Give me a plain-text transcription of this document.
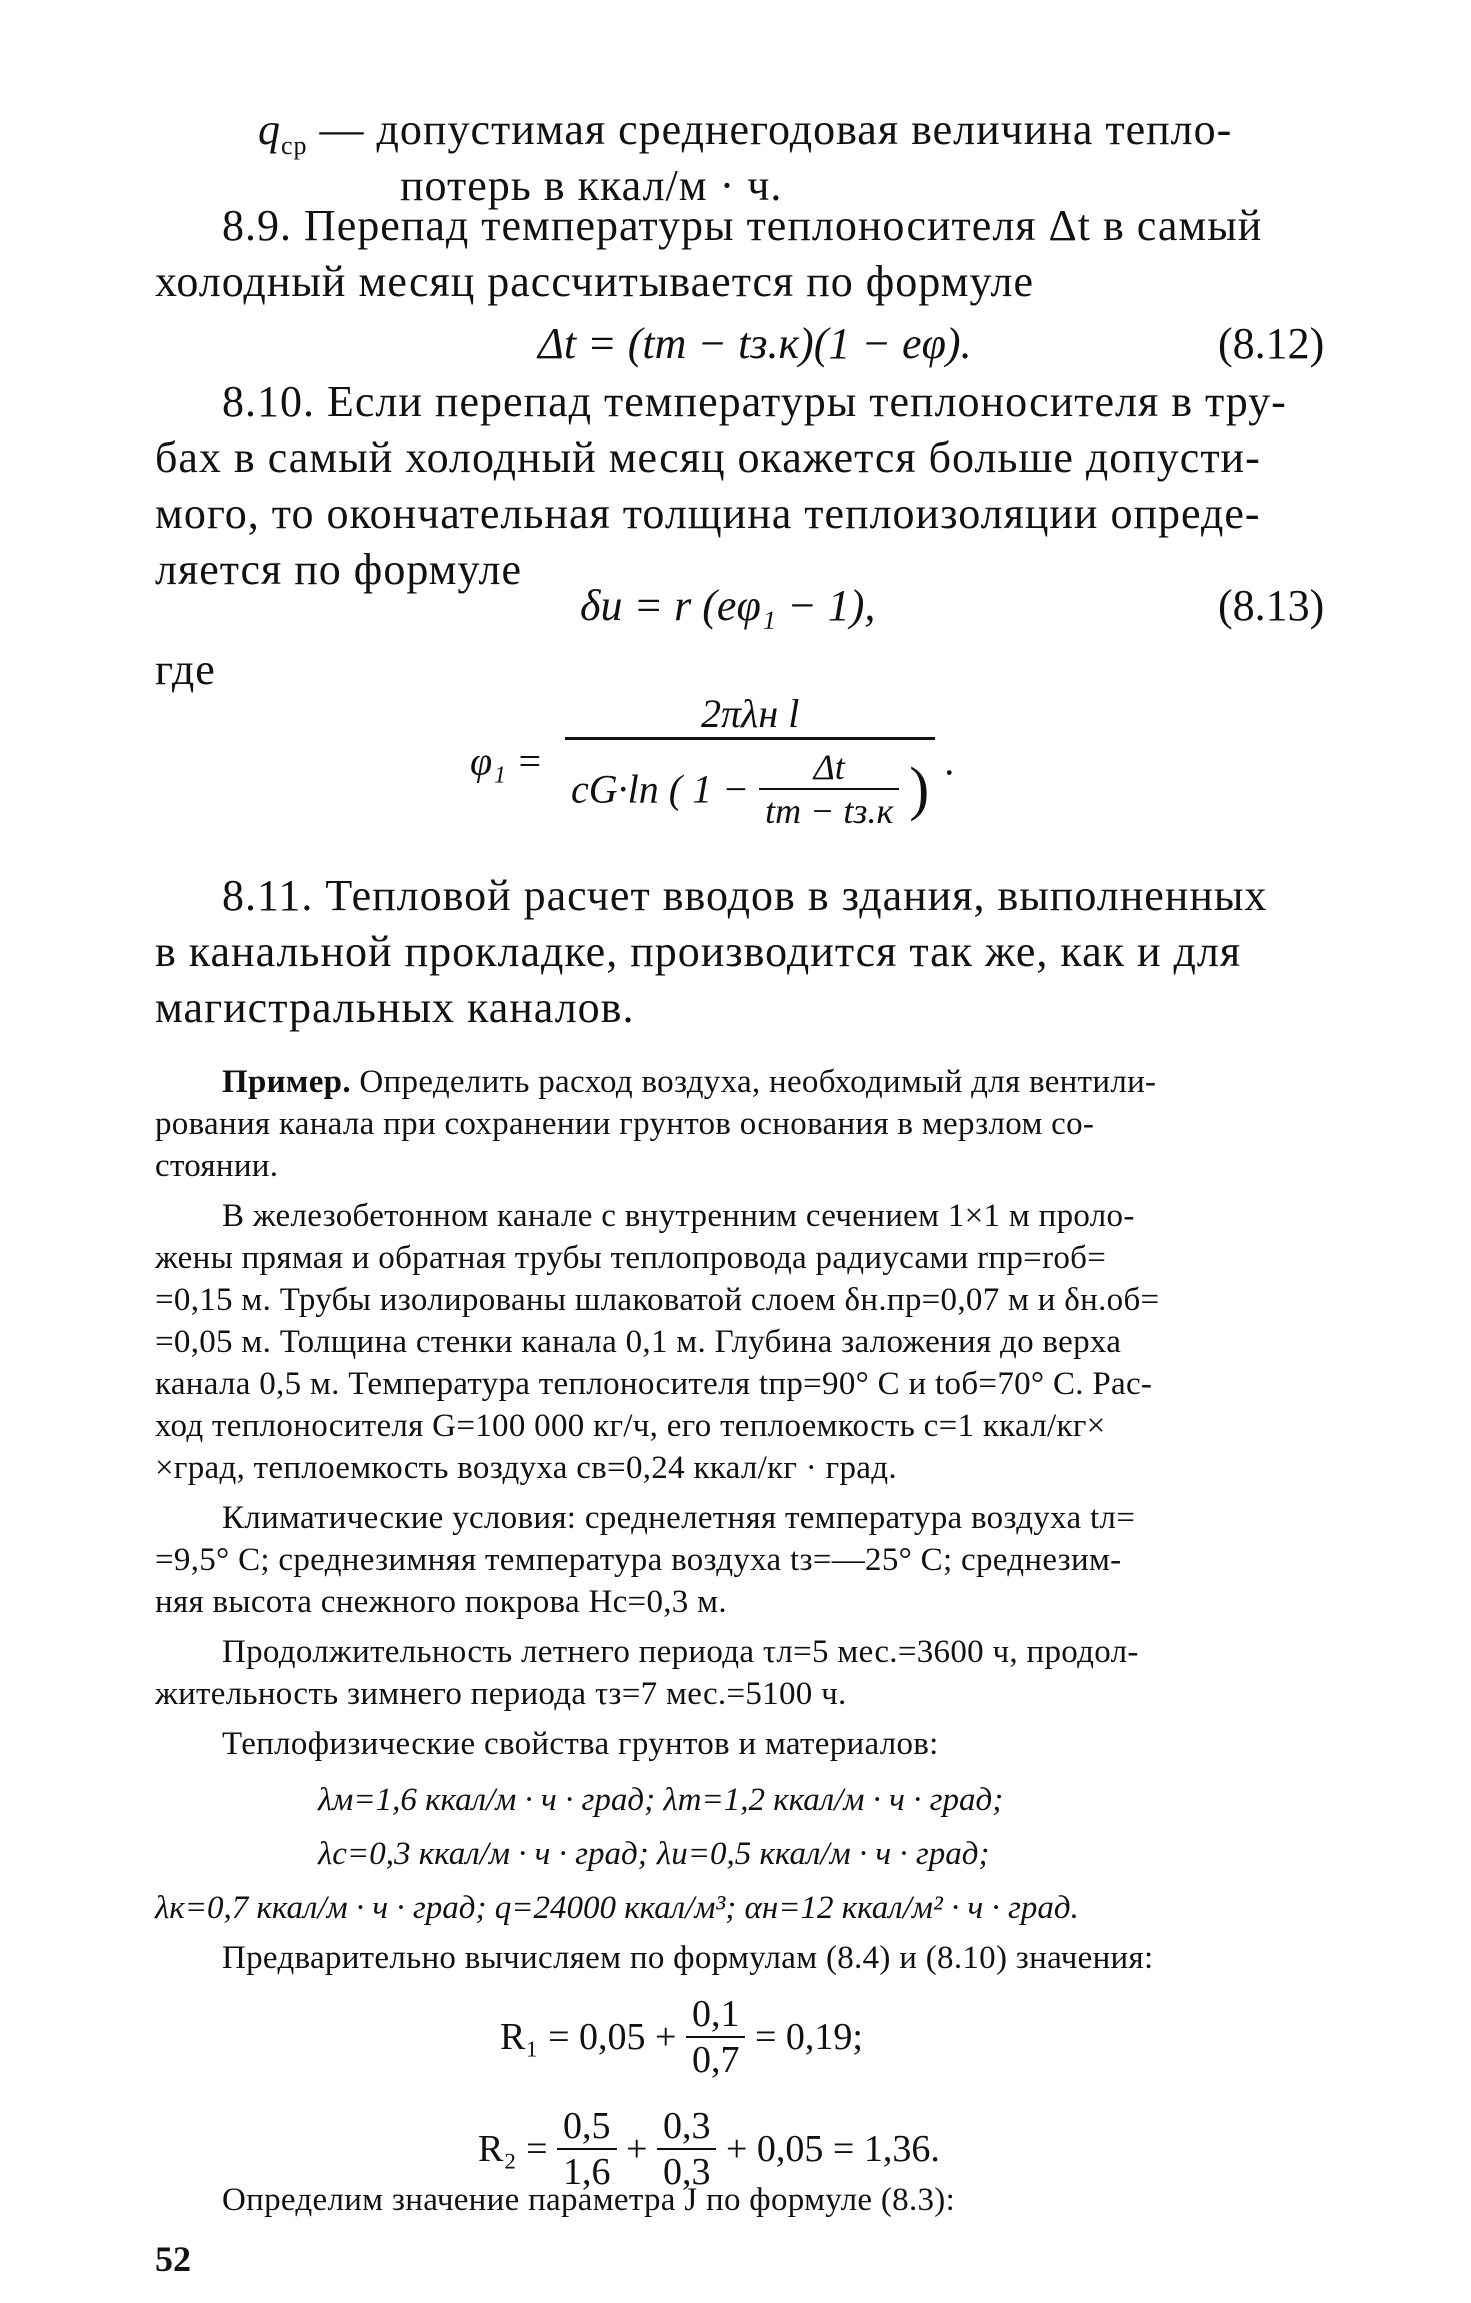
$q_{ср}$ — допустимая среднегодовая величина тепло-
потерь в ккал/м · ч.
8.9. Перепад температуры теплоносителя Δt в самый
холодный месяц рассчитывается по формуле
Δt = (tт − tз.к)(1 − eφ).	(8.12)
8.10. Если перепад температуры теплоносителя в тру-
бах в самый холодный месяц окажется больше допусти-
мого, то окончательная толщина теплоизоляции опреде-
ляется по формуле
δи = r (eφ₁ − 1),	(8.13)
где
φ₁ =
2πλн l
cG·ln ( $1 - \frac{\Delta t}{tт - tз.к}$ ) .
8.11. Тепловой расчет вводов в здания, выполненных
в канальной прокладке, производится так же, как и для
магистральных каналов.
Пример. Определить расход воздуха, необходимый для вентили-
рования канала при сохранении грунтов основания в мерзлом со-
стоянии.
В железобетонном канале с внутренним сечением 1×1 м проло-
жены прямая и обратная трубы теплопровода радиусами rпр=rоб=
=0,15 м. Трубы изолированы шлаковатой слоем δн.пр=0,07 м и δн.об=
=0,05 м. Толщина стенки канала 0,1 м. Глубина заложения до верха
канала 0,5 м. Температура теплоносителя tпр=90° С и tоб=70° С. Рас-
ход теплоносителя G=100 000 кг/ч, его теплоемкость c=1 ккал/кг×
×град, теплоемкость воздуха cв=0,24 ккал/кг · град.
Климатические условия: среднелетняя температура воздуха tл=
=9,5° С; среднезимняя температура воздуха tз=—25° С; среднезим-
няя высота снежного покрова Hс=0,3 м.
Продолжительность летнего периода τл=5 мес.=3600 ч, продол-
жительность зимнего периода τз=7 мес.=5100 ч.
Теплофизические свойства грунтов и материалов:
λм=1,6 ккал/м · ч · град; λт=1,2 ккал/м · ч · град;
λс=0,3 ккал/м · ч · град; λи=0,5 ккал/м · ч · град;
λк=0,7 ккал/м · ч · град; q=24000 ккал/м³; αн=12 ккал/м² · ч · град.
Предварительно вычисляем по формулам (8.4) и (8.10) значения:
$R_1 = 0,05 + \frac{0,1}{0,7} = 0,19$;
$R_2 = \frac{0,5}{1,6} + \frac{0,3}{0,3} + 0,05 = 1,36$.
Определим значение параметра J по формуле (8.3):
52
